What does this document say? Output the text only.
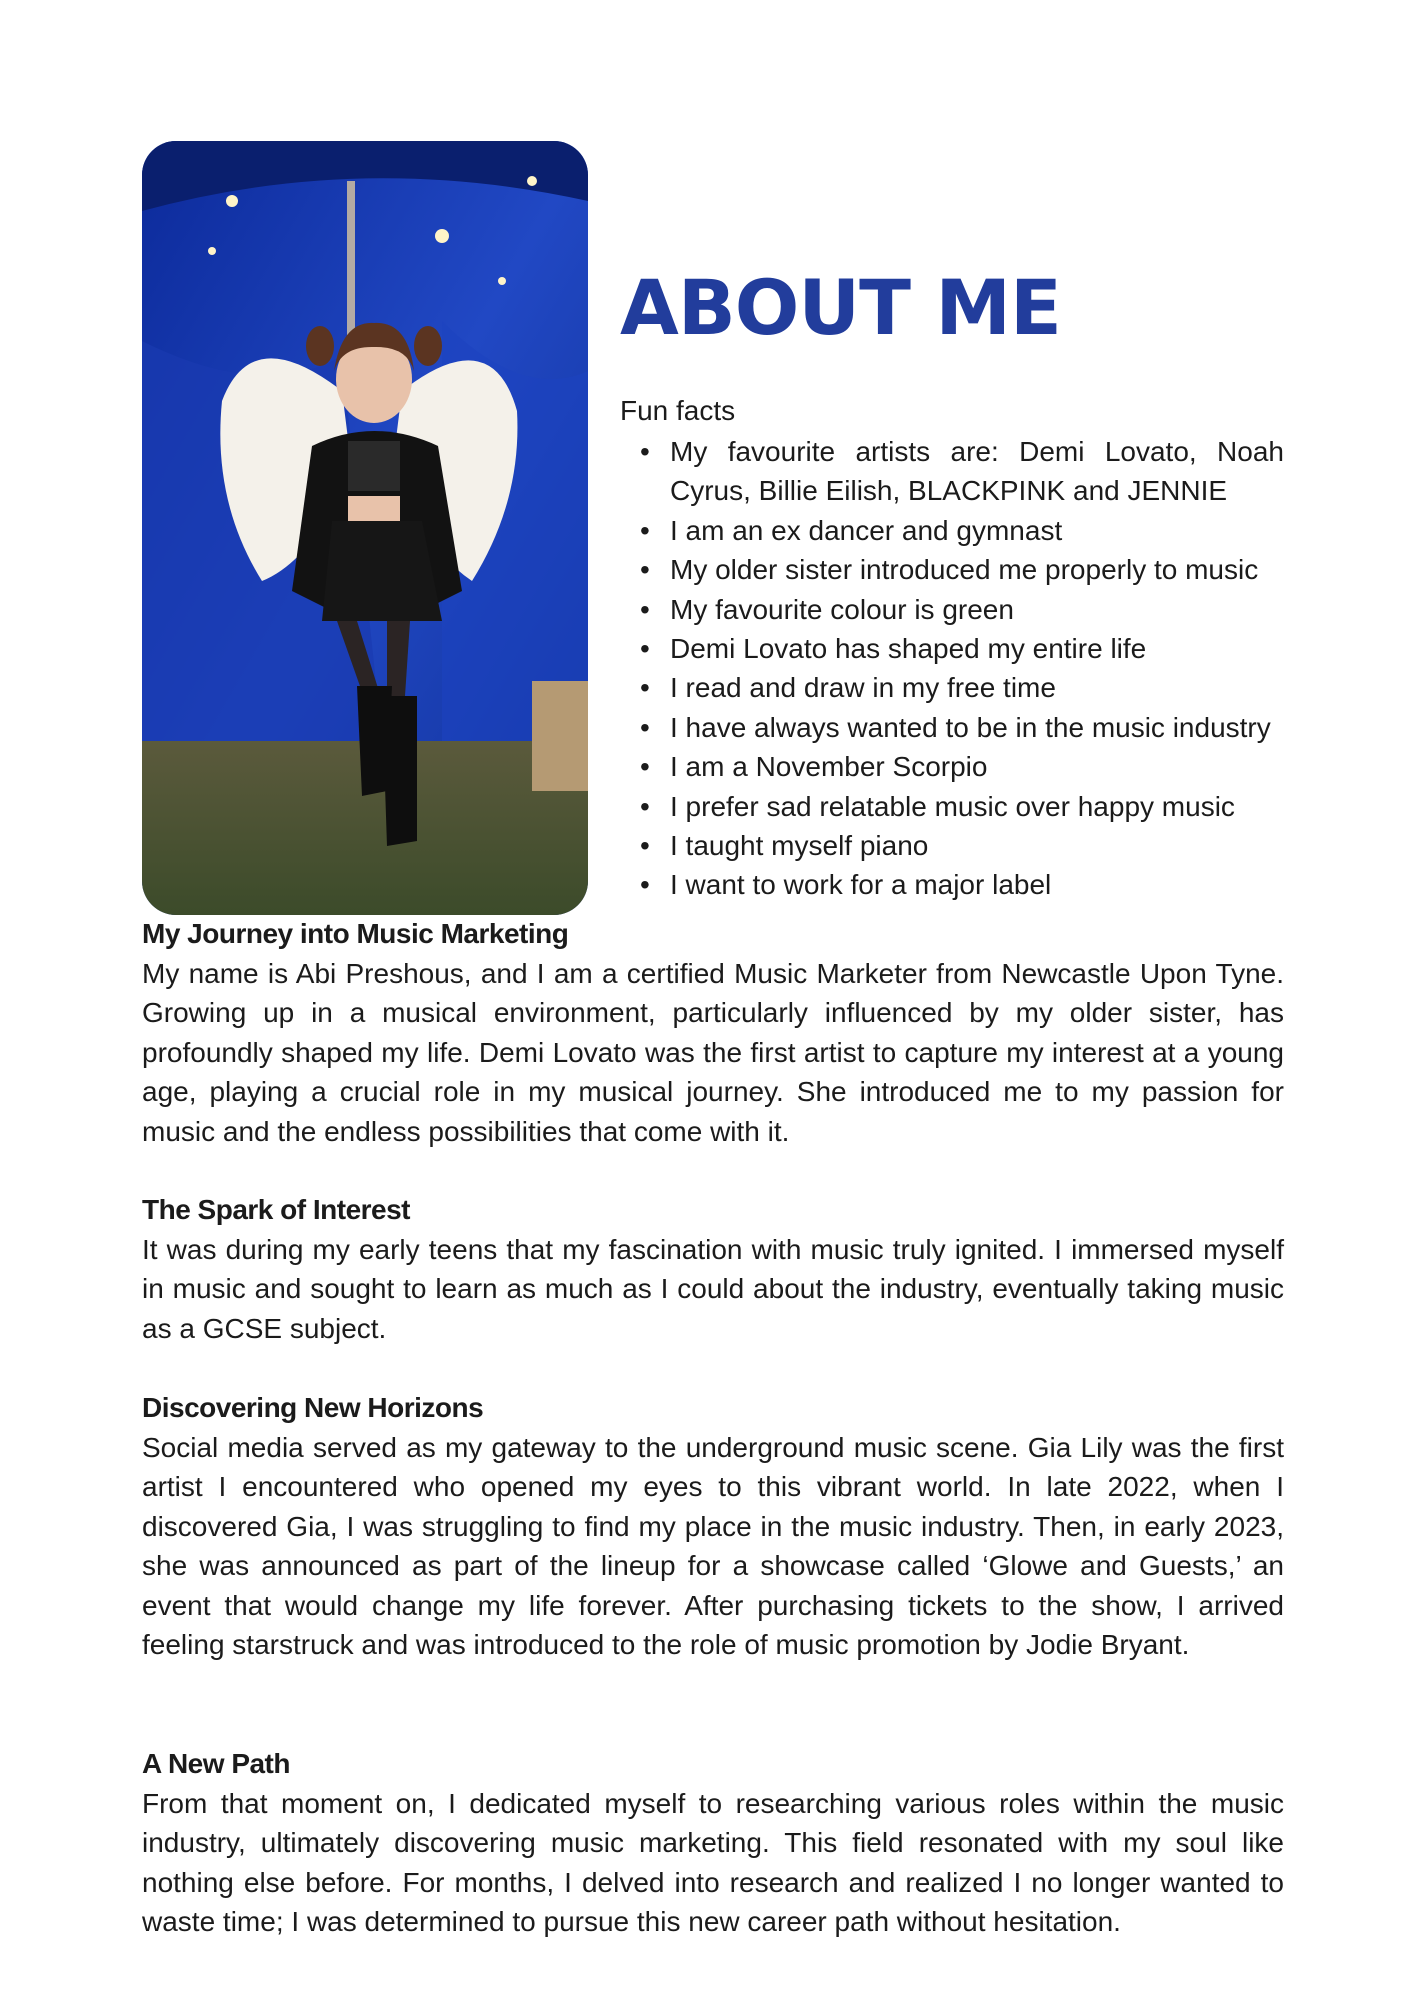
ABOUT ME
Fun facts
• My favourite artists are: Demi Lovato, Noah Cyrus, Billie Eilish, BLACKPINK and JENNIE
• I am an ex dancer and gymnast
• My older sister introduced me properly to music
• My favourite colour is green
• Demi Lovato has shaped my entire life
• I read and draw in my free time
• I have always wanted to be in the music industry
• I am a November Scorpio
• I prefer sad relatable music over happy music
• I taught myself piano
• I want to work for a major label
My Journey into Music Marketing

My name is Abi Preshous, and I am a certified Music Marketer from Newcastle Upon Tyne. Growing up in a musical environment, particularly influenced by my older sister, has profoundly shaped my life. Demi Lovato was the first artist to capture my interest at a young age, playing a crucial role in my musical journey. She introduced me to my passion for music and the endless possibilities that come with it.

The Spark of Interest

It was during my early teens that my fascination with music truly ignited. I immersed myself in music and sought to learn as much as I could about the industry, eventually taking music as a GCSE subject.

Discovering New Horizons

Social media served as my gateway to the underground music scene. Gia Lily was the first artist I encountered who opened my eyes to this vibrant world. In late 2022, when I discovered Gia, I was struggling to find my place in the music industry. Then, in early 2023, she was announced as part of the lineup for a showcase called ‘Glowe and Guests,’ an event that would change my life forever. After purchasing tickets to the show, I arrived feeling starstruck and was introduced to the role of music promotion by Jodie Bryant.

A New Path

From that moment on, I dedicated myself to researching various roles within the music industry, ultimately discovering music marketing. This field resonated with my soul like nothing else before. For months, I delved into research and realized I no longer wanted to waste time; I was determined to pursue this new career path without hesitation.
